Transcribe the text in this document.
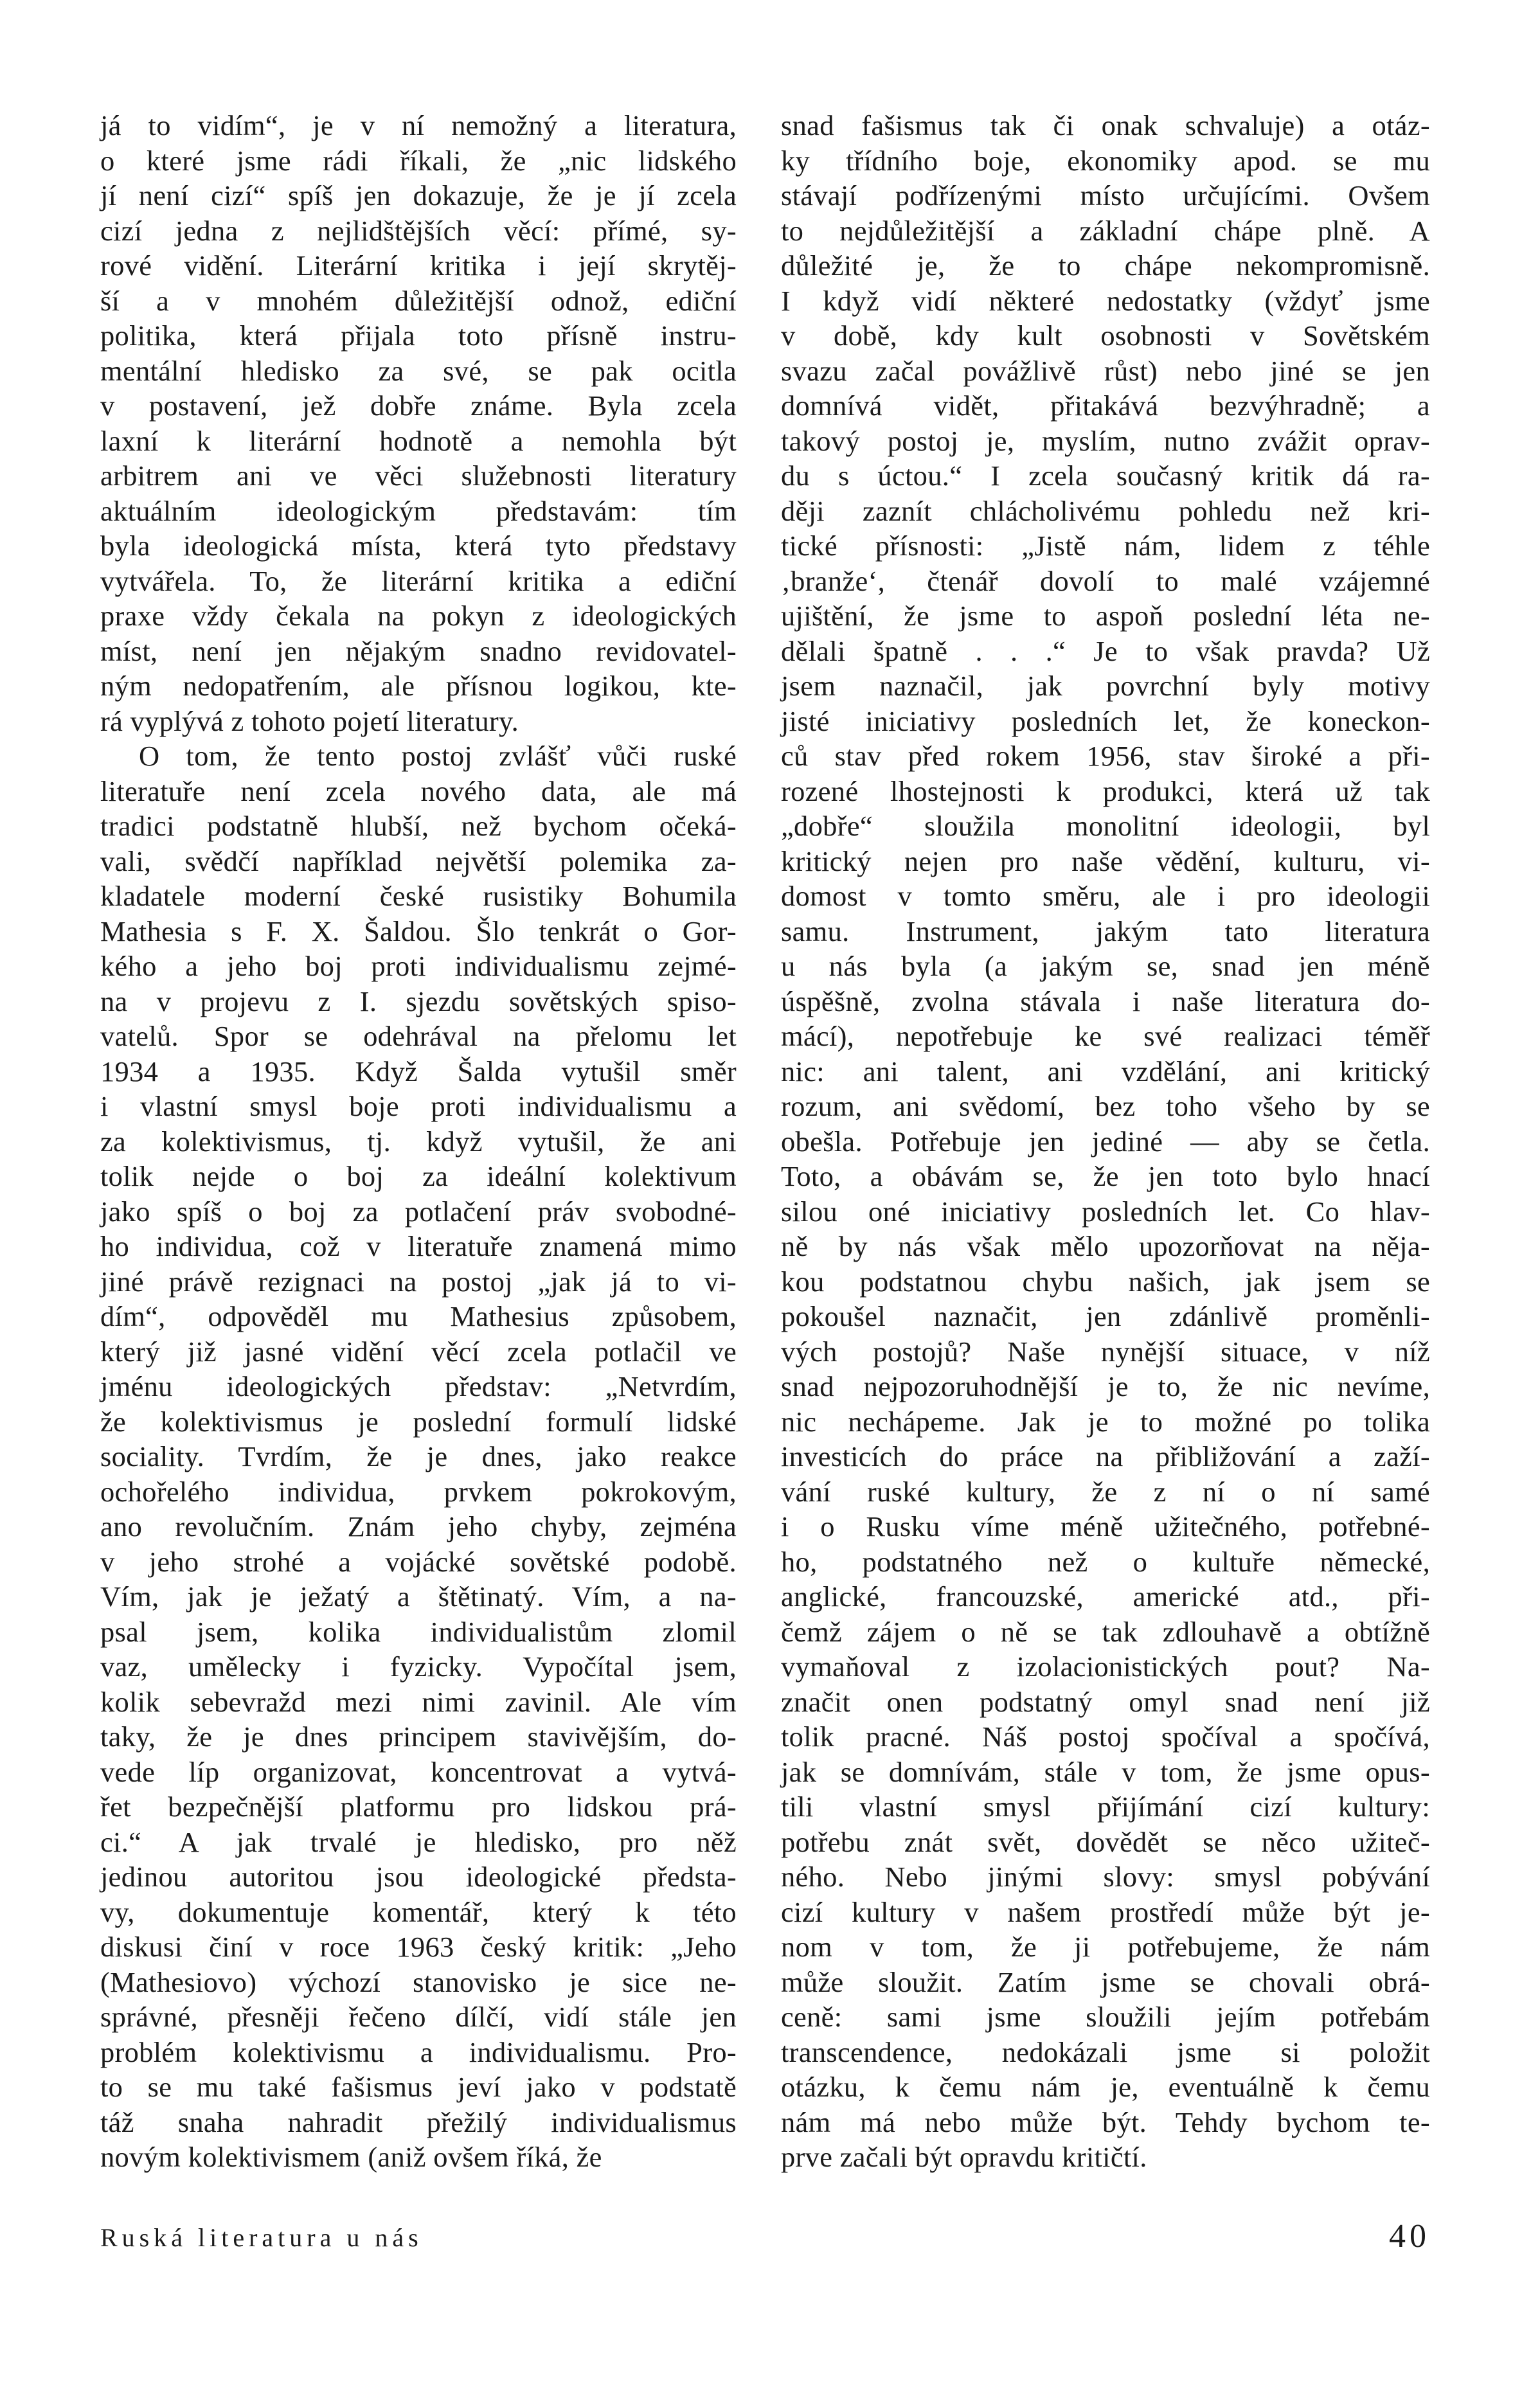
já to vidím“, je v ní nemožný a literatura,
o které jsme rádi říkali, že „nic lidského
jí není cizí“ spíš jen dokazuje, že je jí zcela
cizí jedna z nejlidštějších věcí: přímé, sy-
rové vidění. Literární kritika i její skrytěj-
ší a v mnohém důležitější odnož, ediční
politika, která přijala toto přísně instru-
mentální hledisko za své, se pak ocitla
v postavení, jež dobře známe. Byla zcela
laxní k literární hodnotě a nemohla být
arbitrem ani ve věci služebnosti literatury
aktuálním ideologickým představám: tím
byla ideologická místa, která tyto představy
vytvářela. To, že literární kritika a ediční
praxe vždy čekala na pokyn z ideologických
míst, není jen nějakým snadno revidovatel-
ným nedopatřením, ale přísnou logikou, kte-
rá vyplývá z tohoto pojetí literatury.
O tom, že tento postoj zvlášť vůči ruské
literatuře není zcela nového data, ale má
tradici podstatně hlubší, než bychom očeká-
vali, svědčí například největší polemika za-
kladatele moderní české rusistiky Bohumila
Mathesia s F. X. Šaldou. Šlo tenkrát o Gor-
kého a jeho boj proti individualismu zejmé-
na v projevu z I. sjezdu sovětských spiso-
vatelů. Spor se odehrával na přelomu let
1934 a 1935. Když Šalda vytušil směr
i vlastní smysl boje proti individualismu a
za kolektivismus, tj. když vytušil, že ani
tolik nejde o boj za ideální kolektivum
jako spíš o boj za potlačení práv svobodné-
ho individua, což v literatuře znamená mimo
jiné právě rezignaci na postoj „jak já to vi-
dím“, odpověděl mu Mathesius způsobem,
který již jasné vidění věcí zcela potlačil ve
jménu ideologických představ: „Netvrdím,
že kolektivismus je poslední formulí lidské
sociality. Tvrdím, že je dnes, jako reakce
ochořelého individua, prvkem pokrokovým,
ano revolučním. Znám jeho chyby, zejména
v jeho strohé a vojácké sovětské podobě.
Vím, jak je ježatý a štětinatý. Vím, a na-
psal jsem, kolika individualistům zlomil
vaz, umělecky i fyzicky. Vypočítal jsem,
kolik sebevražd mezi nimi zavinil. Ale vím
taky, že je dnes principem stavivějším, do-
vede líp organizovat, koncentrovat a vytvá-
řet bezpečnější platformu pro lidskou prá-
ci.“ A jak trvalé je hledisko, pro něž
jedinou autoritou jsou ideologické předsta-
vy, dokumentuje komentář, který k této
diskusi činí v roce 1963 český kritik: „Jeho
(Mathesiovo) výchozí stanovisko je sice ne-
správné, přesněji řečeno dílčí, vidí stále jen
problém kolektivismu a individualismu. Pro-
to se mu také fašismus jeví jako v podstatě
táž snaha nahradit přežilý individualismus
novým kolektivismem (aniž ovšem říká, že
snad fašismus tak či onak schvaluje) a otáz-
ky třídního boje, ekonomiky apod. se mu
stávají podřízenými místo určujícími. Ovšem
to nejdůležitější a základní chápe plně. A
důležité je, že to chápe nekompromisně.
I když vidí některé nedostatky (vždyť jsme
v době, kdy kult osobnosti v Sovětském
svazu začal povážlivě růst) nebo jiné se jen
domnívá vidět, přitakává bezvýhradně; a
takový postoj je, myslím, nutno zvážit oprav-
du s úctou.“ I zcela současný kritik dá ra-
ději zaznít chlácholivému pohledu než kri-
tické přísnosti: „Jistě nám, lidem z téhle
‚branže‘, čtenář dovolí to malé vzájemné
ujištění, že jsme to aspoň poslední léta ne-
dělali špatně . . .“ Je to však pravda? Už
jsem naznačil, jak povrchní byly motivy
jisté iniciativy posledních let, že koneckon-
ců stav před rokem 1956, stav široké a při-
rozené lhostejnosti k produkci, která už tak
„dobře“ sloužila monolitní ideologii, byl
kritický nejen pro naše vědění, kulturu, vi-
domost v tomto směru, ale i pro ideologii
samu. Instrument, jakým tato literatura
u nás byla (a jakým se, snad jen méně
úspěšně, zvolna stávala i naše literatura do-
mácí), nepotřebuje ke své realizaci téměř
nic: ani talent, ani vzdělání, ani kritický
rozum, ani svědomí, bez toho všeho by se
obešla. Potřebuje jen jediné — aby se četla.
Toto, a obávám se, že jen toto bylo hnací
silou oné iniciativy posledních let. Co hlav-
ně by nás však mělo upozorňovat na něja-
kou podstatnou chybu našich, jak jsem se
pokoušel naznačit, jen zdánlivě proměnli-
vých postojů? Naše nynější situace, v níž
snad nejpozoruhodnější je to, že nic nevíme,
nic nechápeme. Jak je to možné po tolika
investicích do práce na přibližování a zaží-
vání ruské kultury, že z ní o ní samé
i o Rusku víme méně užitečného, potřebné-
ho, podstatného než o kultuře německé,
anglické, francouzské, americké atd., při-
čemž zájem o ně se tak zdlouhavě a obtížně
vymaňoval z izolacionistických pout? Na-
značit onen podstatný omyl snad není již
tolik pracné. Náš postoj spočíval a spočívá,
jak se domnívám, stále v tom, že jsme opus-
tili vlastní smysl přijímání cizí kultury:
potřebu znát svět, dovědět se něco užiteč-
ného. Nebo jinými slovy: smysl pobývání
cizí kultury v našem prostředí může být je-
nom v tom, že ji potřebujeme, že nám
může sloužit. Zatím jsme se chovali obrá-
ceně: sami jsme sloužili jejím potřebám
transcendence, nedokázali jsme si položit
otázku, k čemu nám je, eventuálně k čemu
nám má nebo může být. Tehdy bychom te-
prve začali být opravdu kritičtí.
Ruská literatura u nás	40
